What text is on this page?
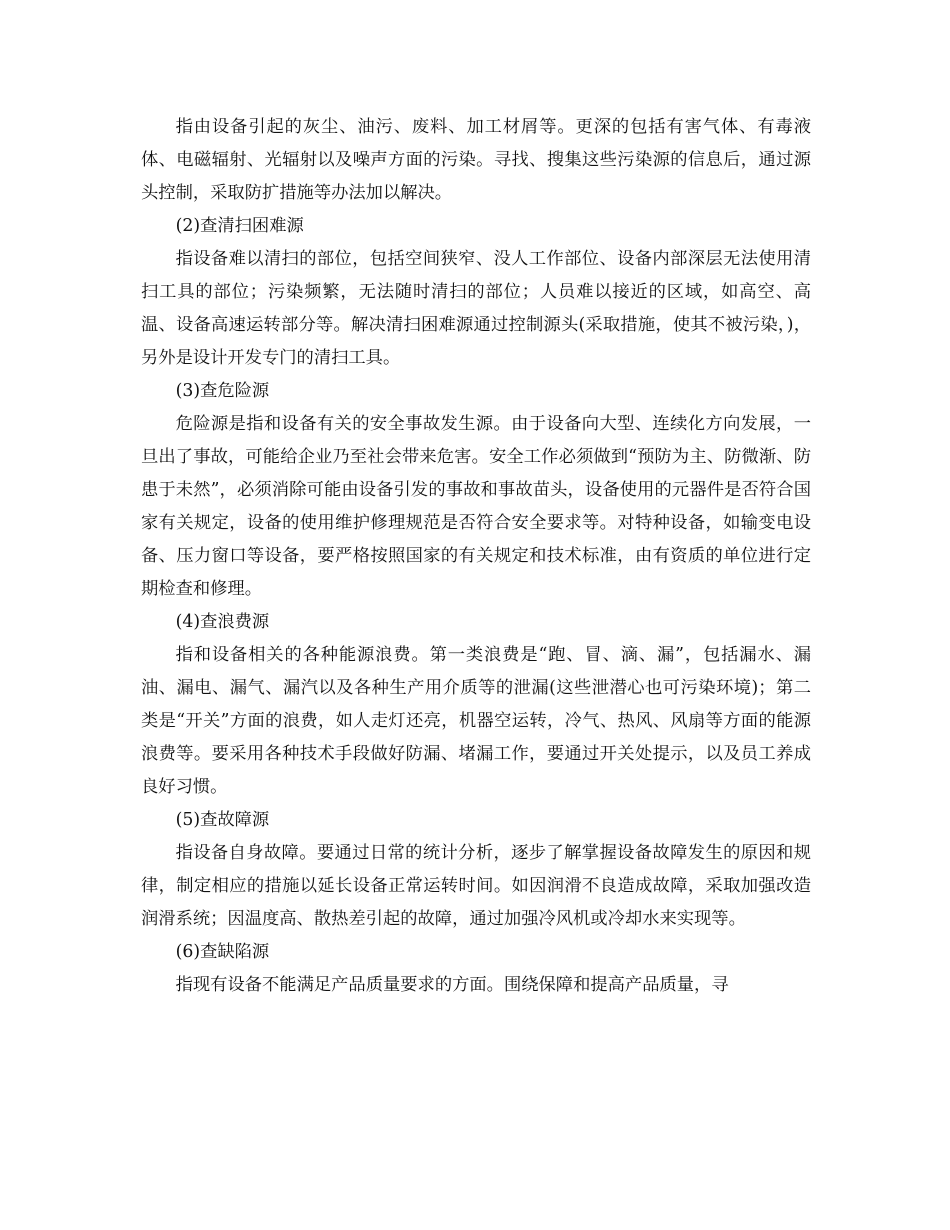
指由设备引起的灰尘、油污、废料、加工材屑等。更深的包括有害气体、有毒液体、电磁辐射、光辐射以及噪声方面的污染。寻找、搜集这些污染源的信息后，通过源头控制，采取防扩措施等办法加以解决。

(2)查清扫困难源

指设备难以清扫的部位，包括空间狭窄、没人工作部位、设备内部深层无法使用清扫工具的部位；污染频繁，无法随时清扫的部位；人员难以接近的区域，如高空、高温、设备高速运转部分等。解决清扫困难源通过控制源头(采取措施，使其不被污染，)，另外是设计开发专门的清扫工具。

(3)查危险源

危险源是指和设备有关的安全事故发生源。由于设备向大型、连续化方向发展，一旦出了事故，可能给企业乃至社会带来危害。安全工作必须做到“预防为主、防微渐、防患于未然”，必须消除可能由设备引发的事故和事故苗头，设备使用的元器件是否符合国家有关规定，设备的使用维护修理规范是否符合安全要求等。对特种设备，如输变电设备、压力窗口等设备，要严格按照国家的有关规定和技术标准，由有资质的单位进行定期检查和修理。

(4)查浪费源

指和设备相关的各种能源浪费。第一类浪费是“跑、冒、滴、漏”，包括漏水、漏油、漏电、漏气、漏汽以及各种生产用介质等的泄漏(这些泄潜心也可污染环境)；第二类是“开关”方面的浪费，如人走灯还亮，机器空运转，冷气、热风、风扇等方面的能源浪费等。要采用各种技术手段做好防漏、堵漏工作，要通过开关处提示，以及员工养成良好习惯。

(5)查故障源

指设备自身故障。要通过日常的统计分析，逐步了解掌握设备故障发生的原因和规律，制定相应的措施以延长设备正常运转时间。如因润滑不良造成故障，采取加强改造润滑系统；因温度高、散热差引起的故障，通过加强冷风机或冷却水来实现等。

(6)查缺陷源

指现有设备不能满足产品质量要求的方面。围绕保障和提高产品质量，寻
